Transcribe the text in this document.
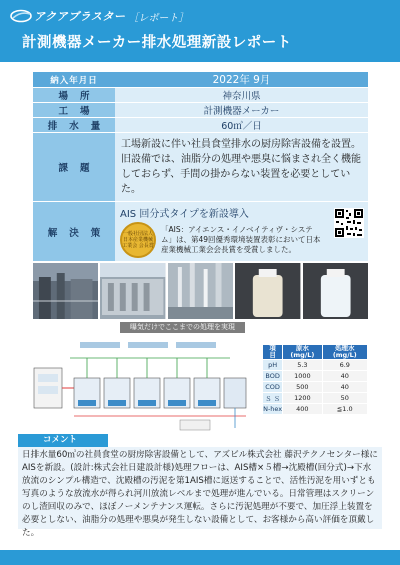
アクアブラスター ［レポート］
計測機器メーカー排水処理新設レポート
納入年月日	2022年 9月
場所	神奈川県
工場	計測機器メーカー
排水量	60㎥／日
課題	工場新設に伴い社員食堂排水の厨房除害設備を設置。旧設備では、油脂分の処理や悪臭に悩まされ全く機能しておらず、手間の掛からない装置を必要としていた。
解決策	AIS 回分式タイプを新設導入
一般社団法人日本産業機械工業会 会長賞
「AIS：アイエンス・イノベイティヴ・システム」は、第49回優秀環境装置表彰において日本産業機械工業会会長賞を受賞しました。
曝気だけでここまでの処理を実現
項　目	原水 (mg/L)	処理水 (mg/L)
pH	5.3	6.9
BOD	1000	40
COD	500	40
Ｓ Ｓ	1200	50
N-hex	400	≦1.0
コメント
日排水量60㎥の社員食堂の厨房除害設備として、アズビル株式会社 藤沢テクノセンター様にAISを新設。(設計:株式会社日建設計様)処理フローは、AIS槽×５槽→沈殿槽(回分式)→下水放流のシンプル構造で、沈殿槽の汚泥を第1AIS槽に返送することで、活性汚泥を用いずとも写真のような放流水が得られ河川放流レベルまで処理が進んでいる。日常管理はスクリーンのし渣回収のみで、ほぼノーメンテナンス運転。さらに汚泥処理が不要で、加圧浮上装置を必要としない、油脂分の処理や悪臭が発生しない設備として、お客様から高い評価を頂戴した。
